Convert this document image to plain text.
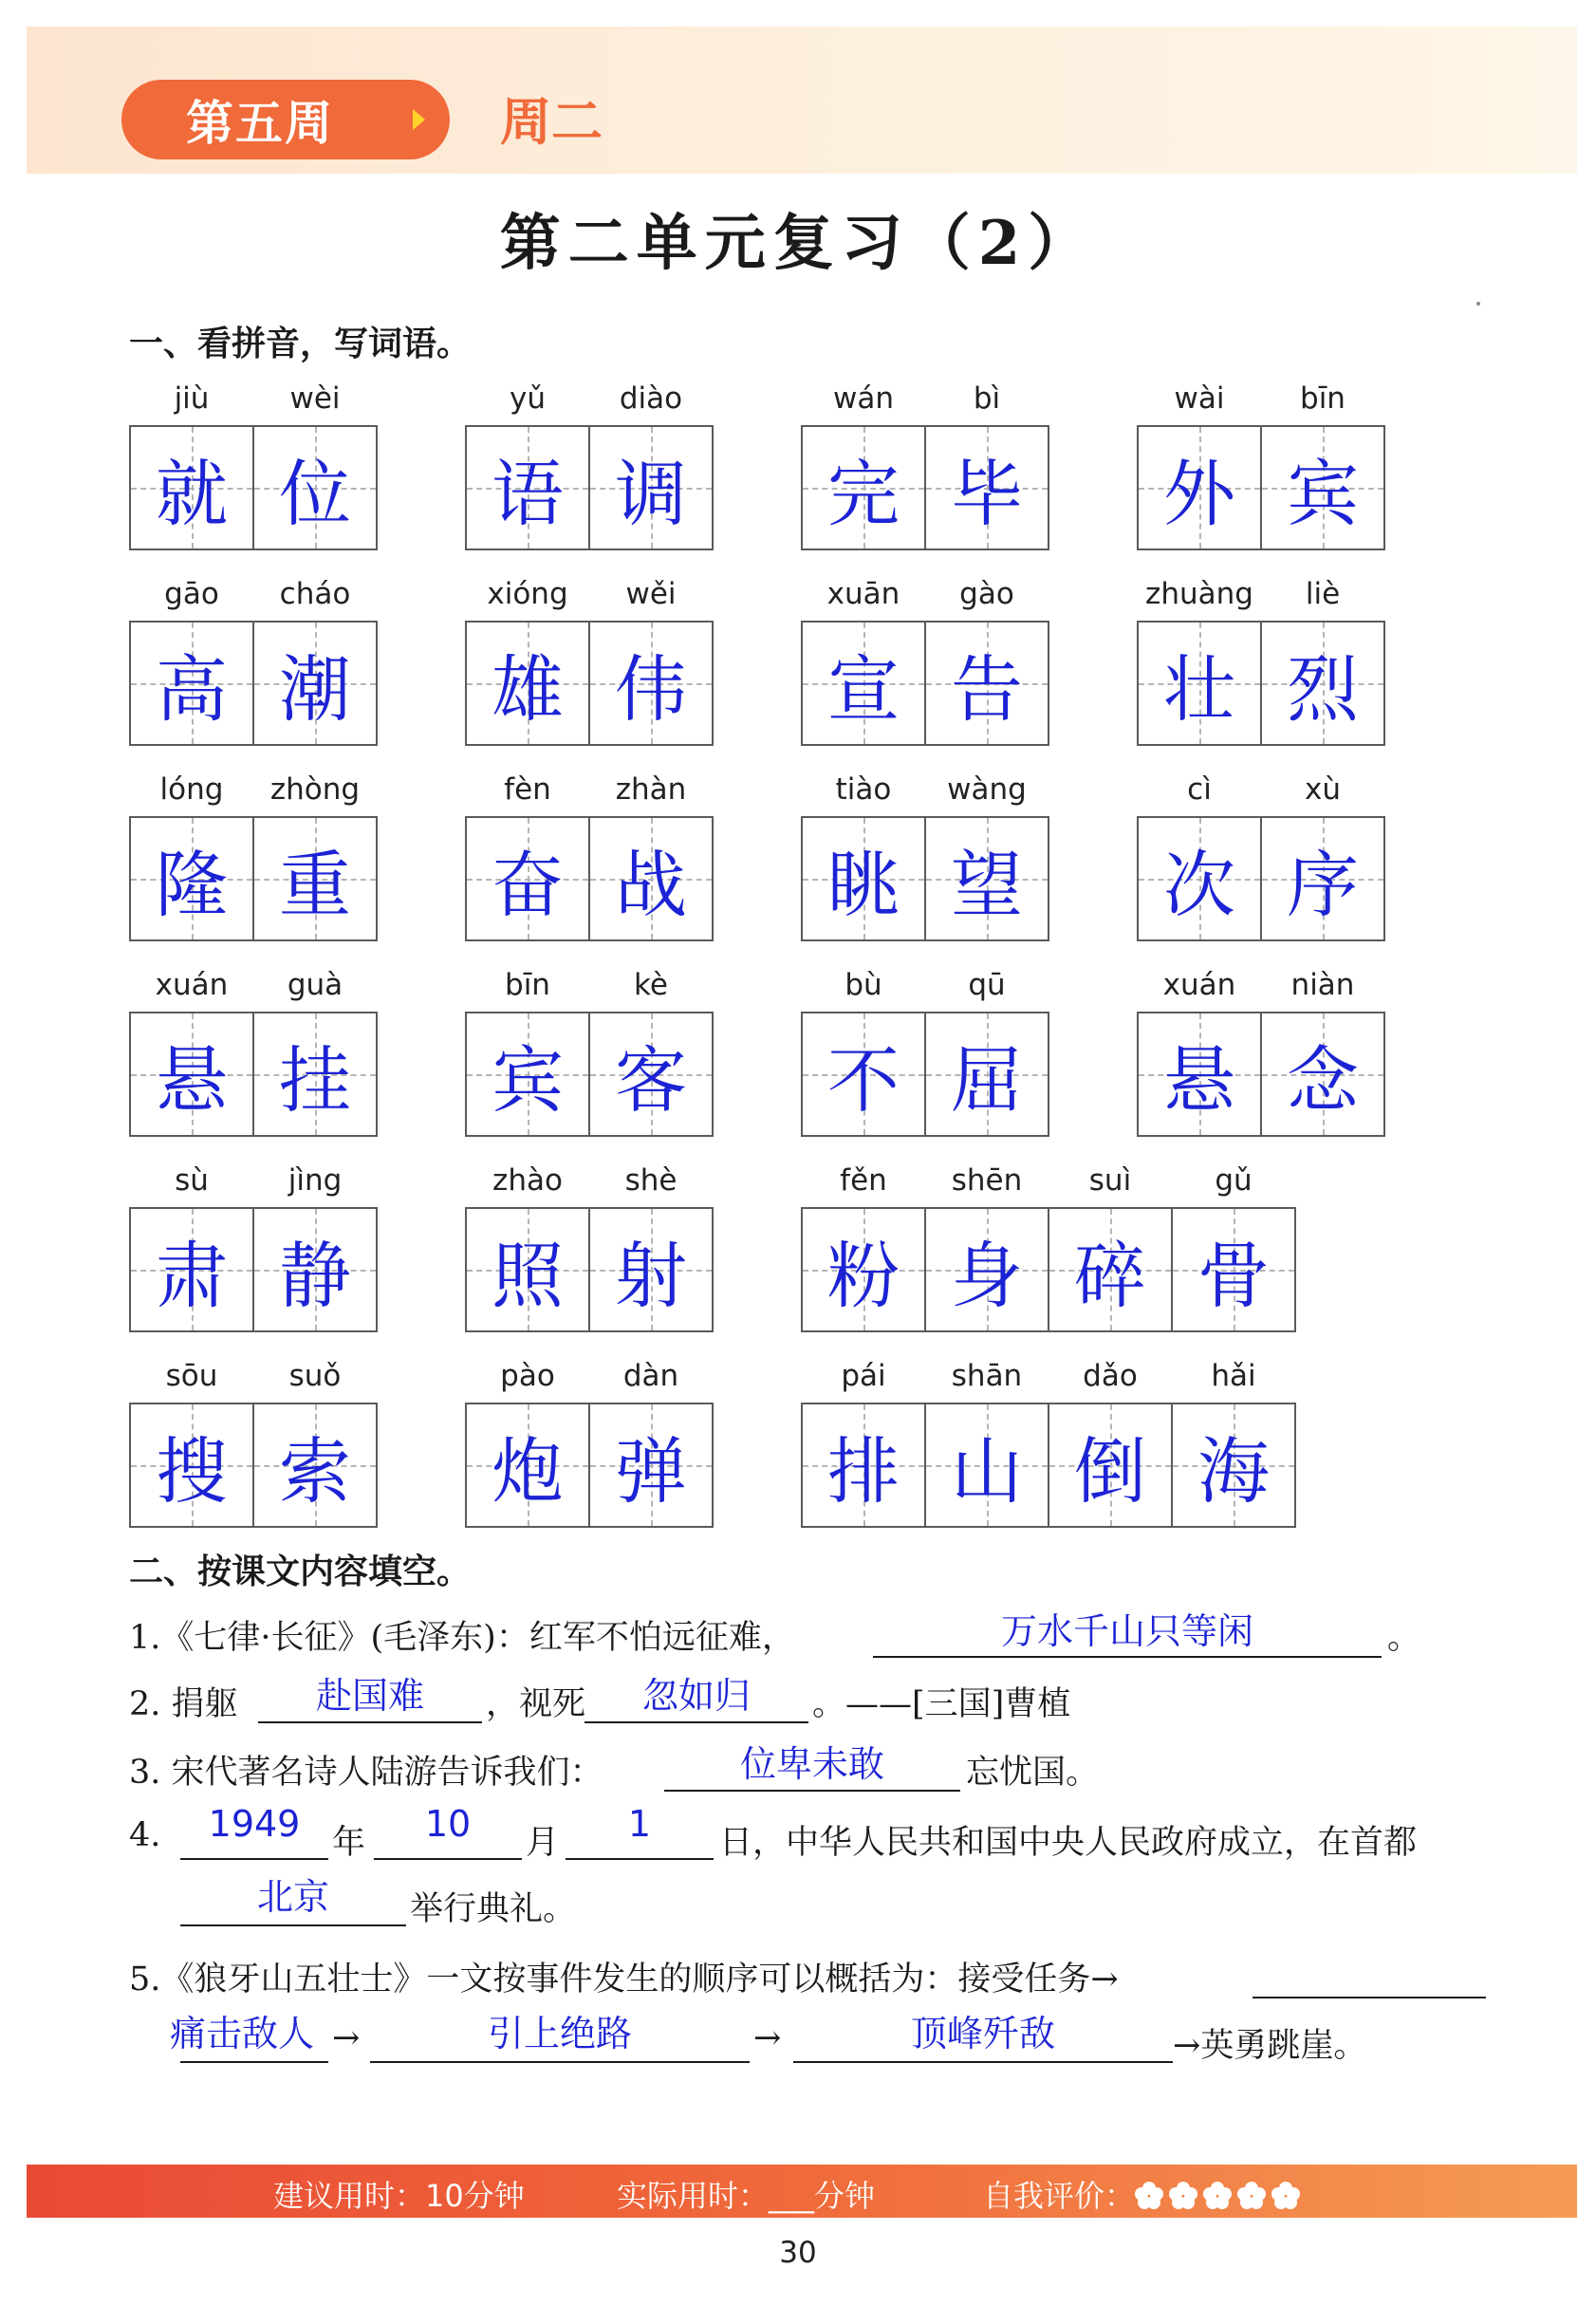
第五周	周二
第二单元复习（2）
一、看拼音，写词语。
jiù	wèi
就 位
yǔ	diào
语 调
wán	bì
完 毕
wài	bīn
外 宾
gāo	cháo
高 潮
xióng	wěi
雄 伟
xuān	gào
宣 告
zhuàng	liè
壮 烈
lóng	zhòng
隆 重
fèn	zhàn
奋 战
tiào	wàng
眺 望
cì	xù
次 序
xuán	guà
悬 挂
bīn	kè
宾 客
bù	qū
不 屈
xuán	niàn
悬 念
sù	jìng
肃 静
zhào	shè
照 射
fěn	shēn	suì	gǔ
粉 身 碎 骨
sōu	suǒ
搜 索
pào	dàn
炮 弹
pái	shān	dǎo	hǎi
排 山 倒 海
二、按课文内容填空。
1.《七律·长征》(毛泽东)：红军不怕远征难，	万水千山只等闲	。
2. 捐躯	赴国难	，视死	忽如归	。——[三国]曹植
3. 宋代著名诗人陆游告诉我们：	位卑未敢	忘忧国。
4.	1949 年	10	月	1	日，中华人民共和国中央人民政府成立，在首都
北京	举行典礼。
5.《狼牙山五壮士》一文按事件发生的顺序可以概括为：接受任务→
痛击敌人 →	引上绝路	→	顶峰歼敌	→英勇跳崖。
建议用时：10分钟	实际用时：___分钟	自我评价：
30
